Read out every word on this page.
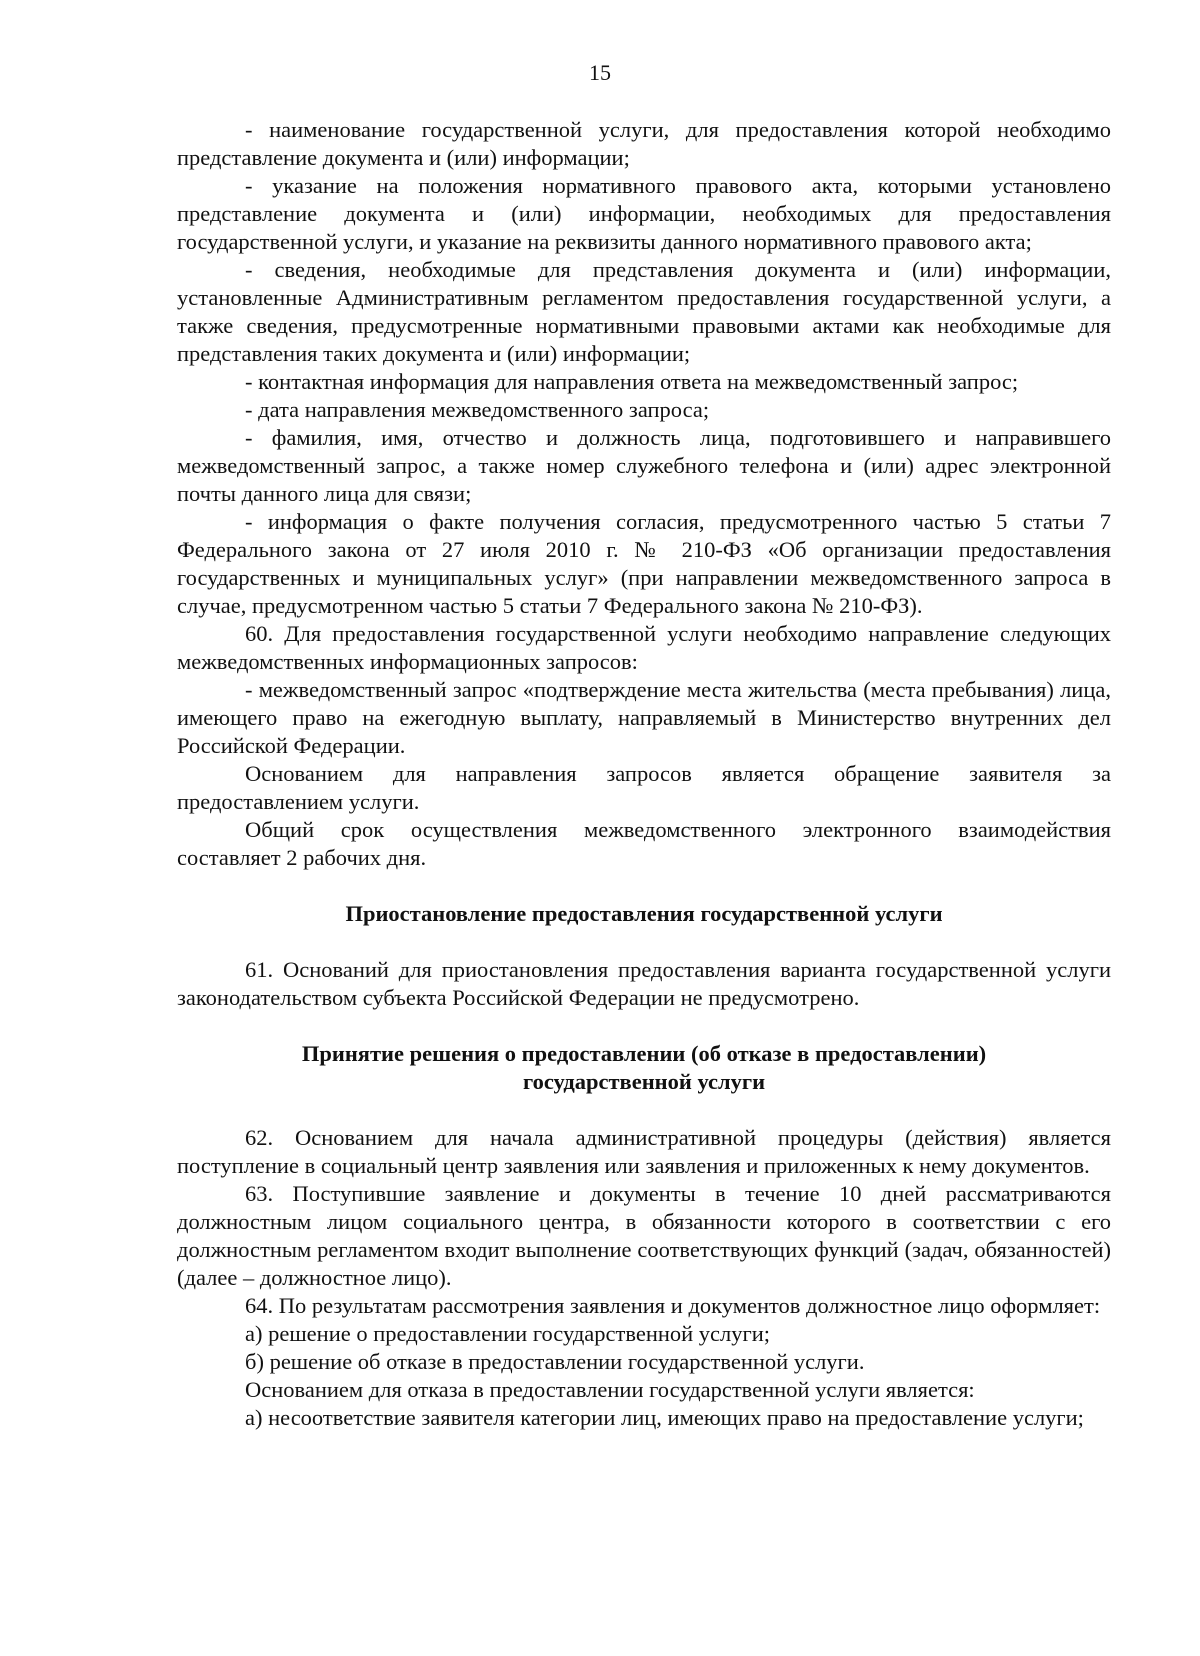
15

- наименование государственной услуги, для предоставления которой необходимо представление документа и (или) информации;

- указание на положения нормативного правового акта, которыми установлено представление документа и (или) информации, необходимых для предоставления государственной услуги, и указание на реквизиты данного нормативного правового акта;

- сведения, необходимые для представления документа и (или) информации, установленные Административным регламентом предоставления государственной услуги, а также сведения, предусмотренные нормативными правовыми актами как необходимые для представления таких документа и (или) информации;

- контактная информация для направления ответа на межведомственный запрос;

- дата направления межведомственного запроса;

- фамилия, имя, отчество и должность лица, подготовившего и направившего межведомственный запрос, а также номер служебного телефона и (или) адрес электронной почты данного лица для связи;

- информация о факте получения согласия, предусмотренного частью 5 статьи 7 Федерального закона от 27 июля 2010 г. № 210-ФЗ «Об организации предоставления государственных и муниципальных услуг» (при направлении межведомственного запроса в случае, предусмотренном частью 5 статьи 7 Федерального закона № 210-ФЗ).

60. Для предоставления государственной услуги необходимо направление следующих межведомственных информационных запросов:

- межведомственный запрос «подтверждение места жительства (места пребывания) лица, имеющего право на ежегодную выплату, направляемый в Министерство внутренних дел Российской Федерации.

Основанием для направления запросов является обращение заявителя за предоставлением услуги.

Общий срок осуществления межведомственного электронного взаимодействия составляет 2 рабочих дня.

Приостановление предоставления государственной услуги

61. Оснований для приостановления предоставления варианта государственной услуги законодательством субъекта Российской Федерации не предусмотрено.

Принятие решения о предоставлении (об отказе в предоставлении)
государственной услуги

62. Основанием для начала административной процедуры (действия) является поступление в социальный центр заявления или заявления и приложенных к нему документов.

63. Поступившие заявление и документы в течение 10 дней рассматриваются должностным лицом социального центра, в обязанности которого в соответствии с его должностным регламентом входит выполнение соответствующих функций (задач, обязанностей) (далее – должностное лицо).

64. По результатам рассмотрения заявления и документов должностное лицо оформляет:

а) решение о предоставлении государственной услуги;

б) решение об отказе в предоставлении государственной услуги.

Основанием для отказа в предоставлении государственной услуги является:

а) несоответствие заявителя категории лиц, имеющих право на предоставление услуги;
